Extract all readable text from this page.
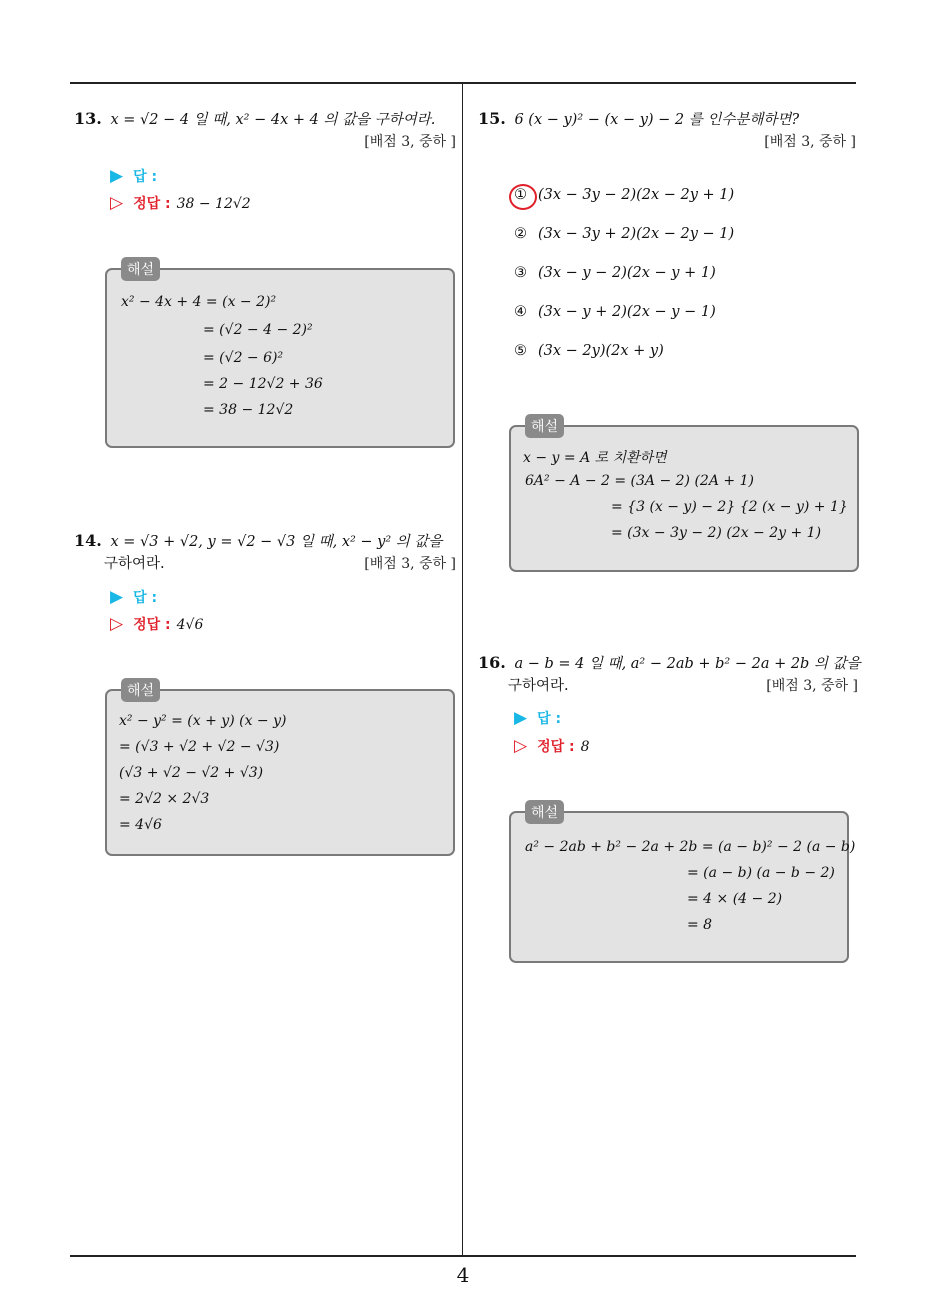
13. x = √2 − 4 일 때, x² − 4x + 4 의 값을 구하여라.
[배점 3, 중하 ]
▶ 답 :
▷ 정답 : 38 − 12√2
해설
x² − 4x + 4 = (x − 2)²
= (√2 − 4 − 2)²
= (√2 − 6)²
= 2 − 12√2 + 36
= 38 − 12√2
14. x = √3 + √2, y = √2 − √3 일 때, x² − y² 의 값을
구하여라.	[배점 3, 중하 ]
▶ 답 :
▷ 정답 : 4√6
해설
x² − y² = (x + y) (x − y)
= (√3 + √2 + √2 − √3)
(√3 + √2 − √2 + √3)
= 2√2 × 2√3
= 4√6
15. 6 (x − y)² − (x − y) − 2 를 인수분해하면?
[배점 3, 중하 ]
① (3x − 3y − 2)(2x − 2y + 1)
② (3x − 3y + 2)(2x − 2y − 1)
③ (3x − y − 2)(2x − y + 1)
④ (3x − y + 2)(2x − y − 1)
⑤ (3x − 2y)(2x + y)
해설
x − y = A 로 치환하면
6A² − A − 2 = (3A − 2) (2A + 1)
= {3 (x − y) − 2} {2 (x − y) + 1}
= (3x − 3y − 2) (2x − 2y + 1)
16. a − b = 4 일 때, a² − 2ab + b² − 2a + 2b 의 값을
구하여라.	[배점 3, 중하 ]
▶ 답 :
▷ 정답 : 8
해설
a² − 2ab + b² − 2a + 2b = (a − b)² − 2 (a − b)
= (a − b) (a − b − 2)
= 4 × (4 − 2)
= 8
4
